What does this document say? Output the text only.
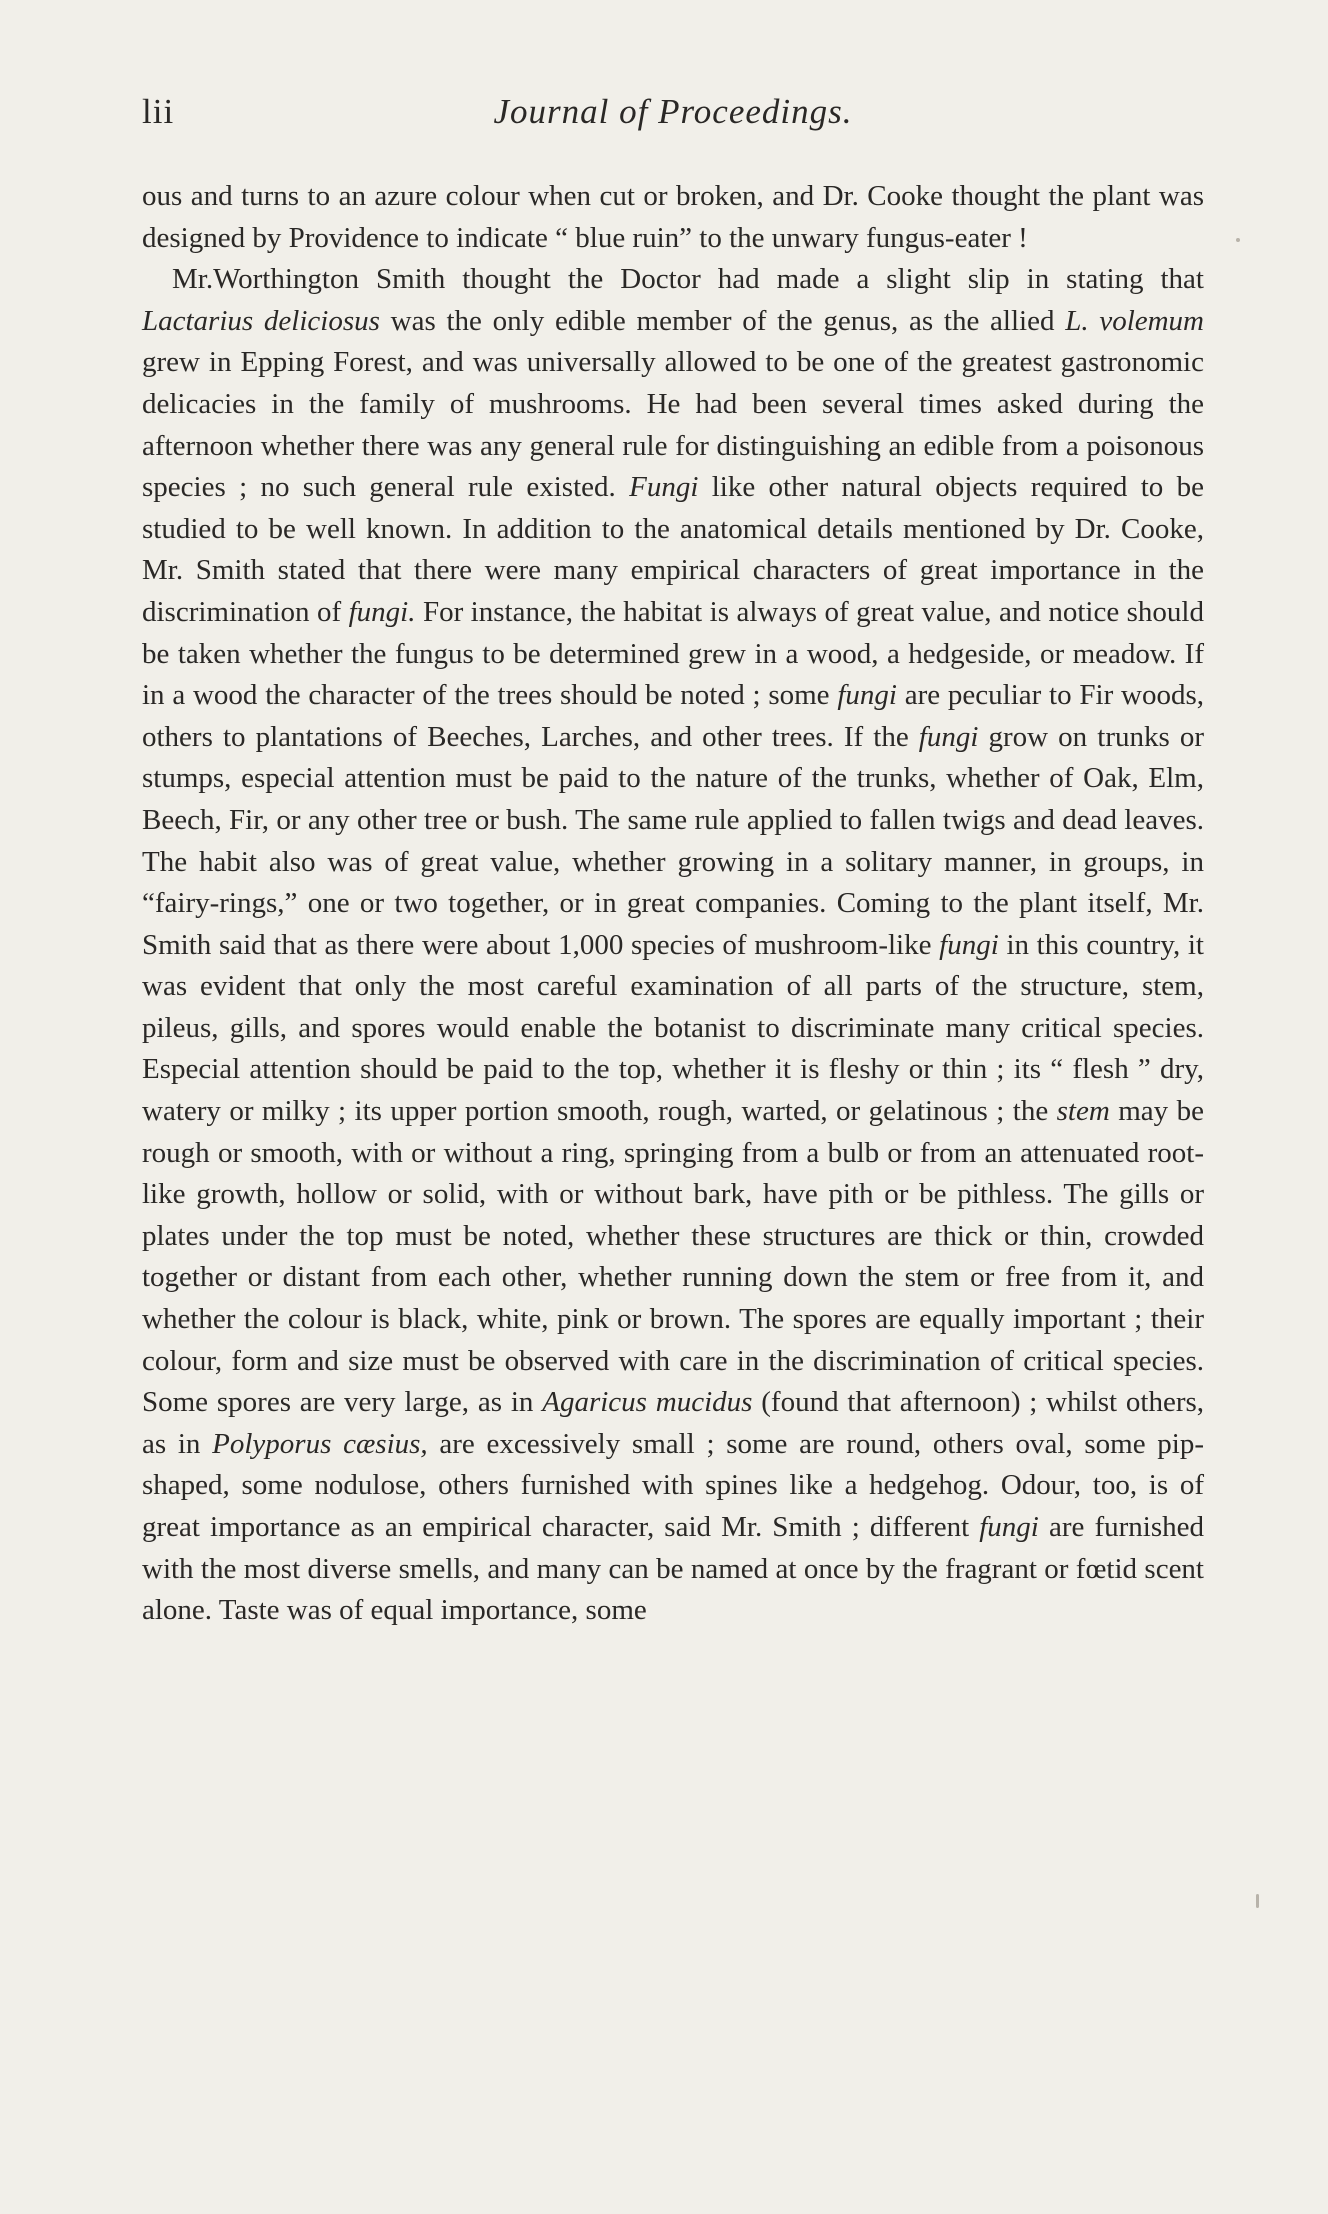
lii	Journal of Proceedings.

ous and turns to an azure colour when cut or broken, and Dr. Cooke thought the plant was designed by Providence to indicate “ blue ruin” to the unwary fungus-eater !

Mr.Worthington Smith thought the Doctor had made a slight slip in stating that Lactarius deliciosus was the only edible member of the genus, as the allied L. volemum grew in Epping Forest, and was universally allowed to be one of the greatest gastronomic delicacies in the family of mushrooms. He had been several times asked during the afternoon whether there was any general rule for distinguishing an edible from a poisonous species ; no such general rule existed. Fungi like other natural objects required to be studied to be well known. In addition to the anatomical details mentioned by Dr. Cooke, Mr. Smith stated that there were many empirical characters of great importance in the discrimination of fungi. For instance, the habitat is always of great value, and notice should be taken whether the fungus to be determined grew in a wood, a hedgeside, or meadow. If in a wood the character of the trees should be noted ; some fungi are peculiar to Fir woods, others to plantations of Beeches, Larches, and other trees. If the fungi grow on trunks or stumps, especial attention must be paid to the nature of the trunks, whether of Oak, Elm, Beech, Fir, or any other tree or bush. The same rule applied to fallen twigs and dead leaves. The habit also was of great value, whether growing in a solitary manner, in groups, in “fairy-rings,” one or two together, or in great companies. Coming to the plant itself, Mr. Smith said that as there were about 1,000 species of mushroom-like fungi in this country, it was evident that only the most careful examination of all parts of the structure, stem, pileus, gills, and spores would enable the botanist to discriminate many critical species. Especial attention should be paid to the top, whether it is fleshy or thin ; its “ flesh ” dry, watery or milky ; its upper portion smooth, rough, warted, or gelatinous ; the stem may be rough or smooth, with or without a ring, springing from a bulb or from an attenuated root-like growth, hollow or solid, with or without bark, have pith or be pithless. The gills or plates under the top must be noted, whether these structures are thick or thin, crowded together or distant from each other, whether running down the stem or free from it, and whether the colour is black, white, pink or brown. The spores are equally important ; their colour, form and size must be observed with care in the discrimination of critical species. Some spores are very large, as in Agaricus mucidus (found that afternoon) ; whilst others, as in Polyporus cæsius, are excessively small ; some are round, others oval, some pip-shaped, some nodulose, others furnished with spines like a hedgehog. Odour, too, is of great importance as an empirical character, said Mr. Smith ; different fungi are furnished with the most diverse smells, and many can be named at once by the fragrant or fœtid scent alone. Taste was of equal importance, some
